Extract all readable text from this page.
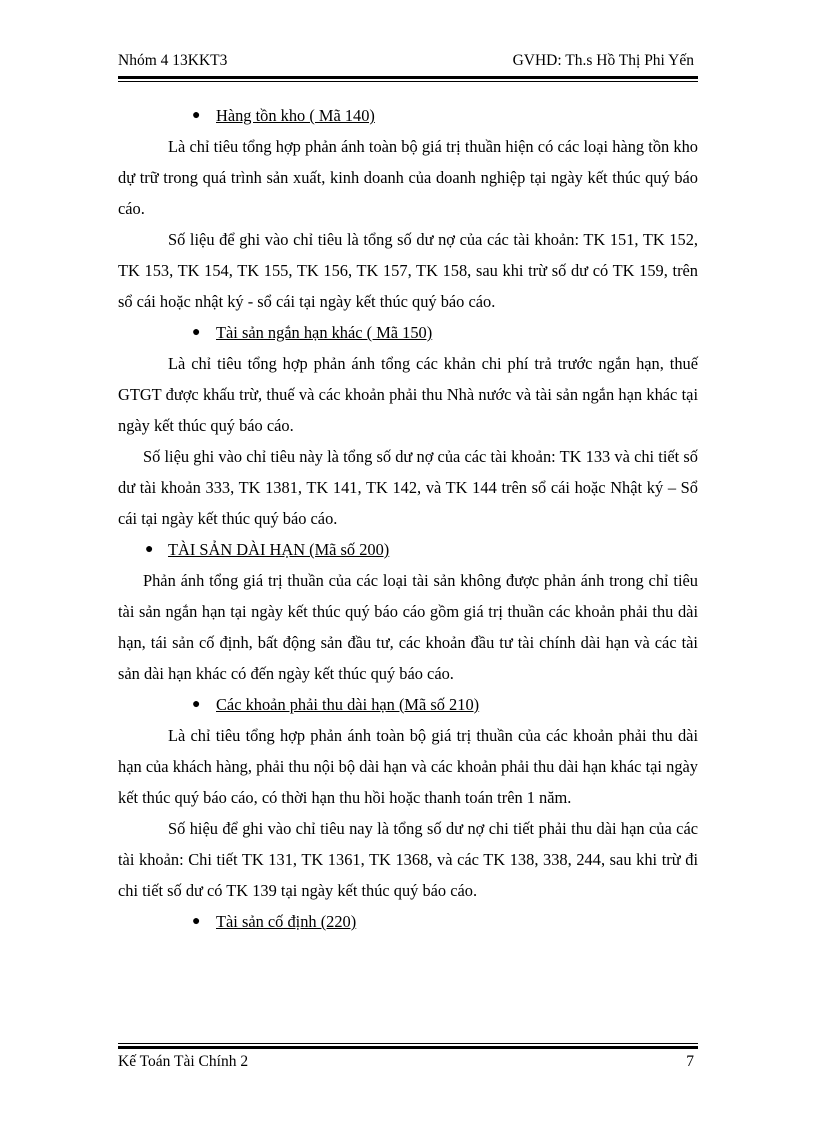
Nhóm 4 13KKT3	GVHD: Th.s Hồ Thị Phi Yến
● Hàng tồn kho ( Mã 140)

Là chỉ tiêu tổng hợp phản ánh toàn bộ giá trị thuần hiện có các loại hàng tồn kho dự trữ trong quá trình sản xuất, kinh doanh của doanh nghiệp tại ngày kết thúc quý báo cáo.

Số liệu để ghi vào chỉ tiêu là tổng số dư nợ của các tài khoản: TK 151, TK 152, TK 153, TK 154, TK 155, TK 156, TK 157, TK 158, sau khi trừ số dư có TK 159, trên sổ cái hoặc nhật ký - sổ cái tại ngày kết thúc quý báo cáo.

● Tài sản ngắn hạn khác ( Mã 150)

Là chỉ tiêu tổng hợp phản ánh tổng các khản chi phí trả trước ngắn hạn, thuế GTGT được khấu trừ, thuế và các khoản phải thu Nhà nước và tài sản ngắn hạn khác tại ngày kết thúc quý báo cáo.

Số liệu ghi vào chỉ tiêu này là tổng số dư nợ của các tài khoản: TK 133 và chi tiết số dư tài khoản 333, TK 1381, TK 141, TK 142, và TK 144 trên sổ cái hoặc Nhật ký – Sổ cái tại ngày kết thúc quý báo cáo.

● TÀI SẢN DÀI HẠN (Mã số 200)

Phản ánh tổng giá trị thuần của các loại tài sản không được phản ánh trong chỉ tiêu tài sản ngắn hạn tại ngày kết thúc quý báo cáo gồm giá trị thuần các khoản phải thu dài hạn, tái sản cố định, bất động sản đầu tư, các khoản đầu tư tài chính dài hạn và các tài sản dài hạn khác có đến ngày kết thúc quý báo cáo.

● Các khoản phải thu dài hạn (Mã số 210)

Là chỉ tiêu tổng hợp phản ánh toàn bộ giá trị thuần của các khoản phải thu dài hạn của khách hàng, phải thu nội bộ dài hạn và các khoản phải thu dài hạn khác tại ngày kết thúc quý báo cáo, có thời hạn thu hồi hoặc thanh toán trên 1 năm.

Số hiệu để ghi vào chỉ tiêu nay là tổng số dư nợ chi tiết phải thu dài hạn của các tài khoản: Chi tiết TK 131, TK 1361, TK 1368, và các TK 138, 338, 244, sau khi trừ đi chi tiết số dư có TK 139 tại ngày kết thúc quý báo cáo.

● Tài sản cố định (220)
Kế Toán Tài Chính 2	7
